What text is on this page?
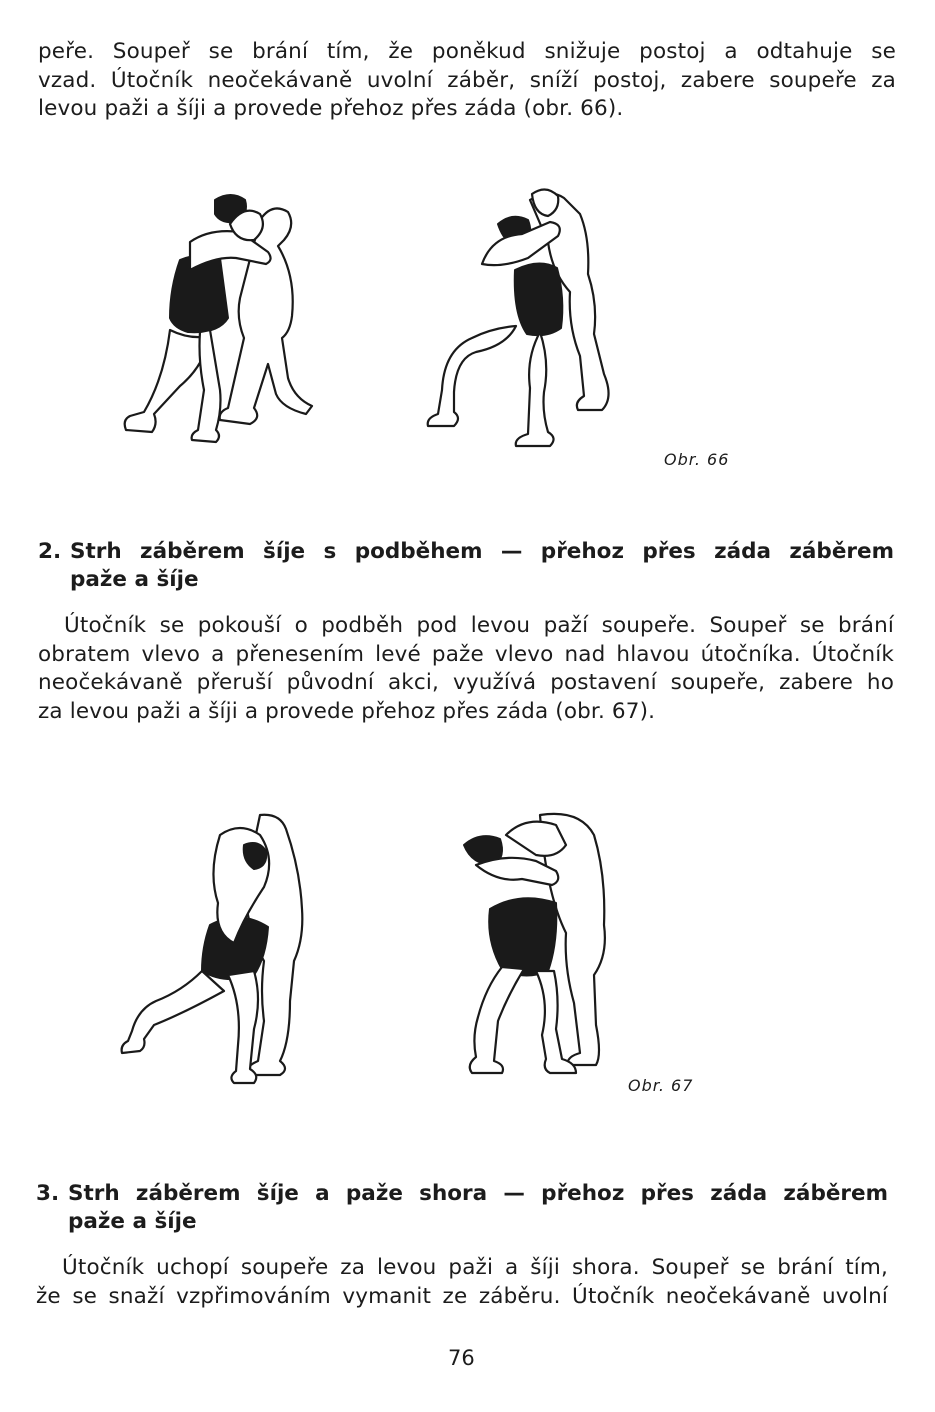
peře. Soupeř se brání tím, že poněkud snižuje postoj a odtahuje se
vzad. Útočník neočekávaně uvolní záběr, sníží postoj, zabere soupeře za
levou paži a šíji a provede přehoz přes záda (obr. 66).
Obr. 66
2. Strh záběrem šíje s podběhem — přehoz přes záda záběrem
paže a šíje
Útočník se pokouší o podběh pod levou paží soupeře. Soupeř se brání
obratem vlevo a přenesením levé paže vlevo nad hlavou útočníka. Útočník
neočekávaně přeruší původní akci, využívá postavení soupeře, zabere ho
za levou paži a šíji a provede přehoz přes záda (obr. 67).
Obr. 67
3. Strh záběrem šíje a paže shora — přehoz přes záda záběrem
paže a šíje
Útočník uchopí soupeře za levou paži a šíji shora. Soupeř se brání tím,
že se snaží vzpřimováním vymanit ze záběru. Útočník neočekávaně uvolní
76
